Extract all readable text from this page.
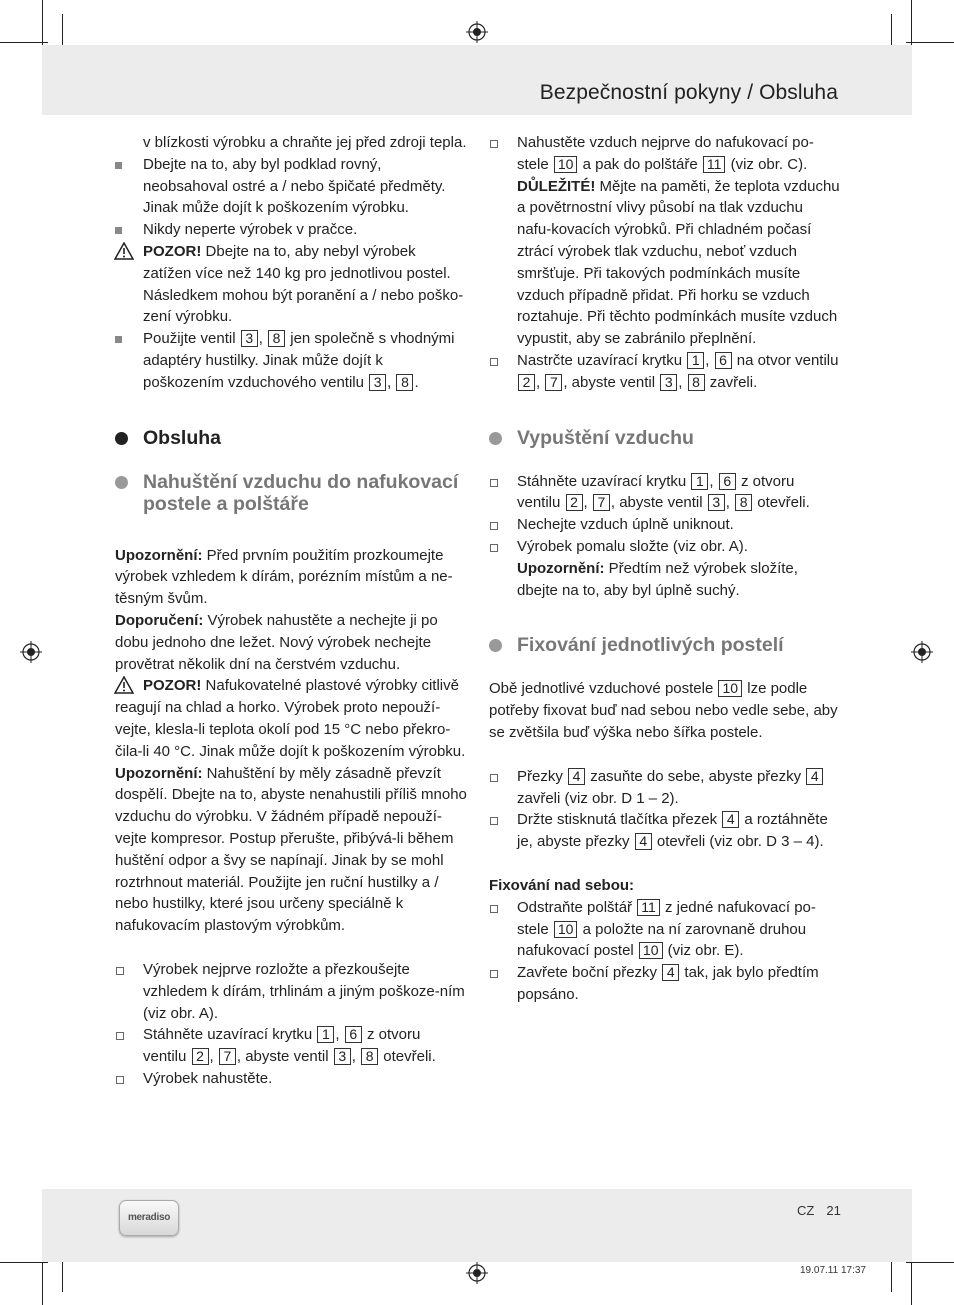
Bezpečnostní pokyny / Obsluha

v blízkosti výrobku a chraňte jej před zdroji tepla.

Dbejte na to, aby byl podklad rovný, neobsahoval ostré a / nebo špičaté předměty. Jinak může dojít k poškozením výrobku.

Nikdy neperte výrobek v pračce.

POZOR! Dbejte na to, aby nebyl výrobek zatížen více než 140 kg pro jednotlivou postel. Následkem mohou být poranění a / nebo poško-zení výrobku.

Použijte ventil 3 , 8 jen společně s vhodnými adaptéry hustilky. Jinak může dojít k poškozením vzduchového ventilu 3 , 8 .

Obsluha
Nahuštění vzduchu do nafukovací postele a polštáře

Upozornění: Před prvním použitím prozkoumejte výrobek vzhledem k dírám, porézním místům a ne-těsným švům.

Doporučení: Výrobek nahustěte a nechejte ji po dobu jednoho dne ležet. Nový výrobek nechejte provětrat několik dní na čerstvém vzduchu.

POZOR! Nafukovatelné plastové výrobky citlivě reagují na chlad a horko. Výrobek proto nepouží-vejte, klesla-li teplota okolí pod 15 °C nebo překro-čila-li 40 °C. Jinak může dojít k poškozením výrobku.

Upozornění: Nahuštění by měly zásadně převzít dospělí. Dbejte na to, abyste nenahustili příliš mnoho vzduchu do výrobku. V žádném případě nepouží-vejte kompresor. Postup přerušte, přibývá-li během huštění odpor a švy se napínají. Jinak by se mohl roztrhnout materiál. Použijte jen ruční hustilky a / nebo hustilky, které jsou určeny speciálně k nafukovacím plastovým výrobkům.

Výrobek nejprve rozložte a přezkoušejte vzhledem k dírám, trhlinám a jiným poškoze-ním (viz obr. A).

Stáhněte uzavírací krytku 1 , 6 z otvoru ventilu 2 , 7 , abyste ventil 3 , 8 otevřeli.

Výrobek nahustěte.

Nahustěte vzduch nejprve do nafukovací po-stele 10 a pak do polštáře 11 (viz obr. C).
DŮLEŽITÉ! Mějte na paměti, že teplota vzduchu a povětrnostní vlivy působí na tlak vzduchu nafu-kovacích výrobků. Při chladném počasí ztrácí výrobek tlak vzduchu, neboť vzduch smršťuje. Při takových podmínkách musíte vzduch případně přidat. Při horku se vzduch roztahuje. Při těchto podmínkách musíte vzduch vypustit, aby se zabránilo přeplnění.

Nastrčte uzavírací krytku 1 , 6 na otvor ventilu 2 , 7 , abyste ventil 3 , 8 zavřeli.

Vypuštění vzduchu

Stáhněte uzavírací krytku 1 , 6 z otvoru ventilu 2 , 7 , abyste ventil 3 , 8 otevřeli.

Nechejte vzduch úplně uniknout.

Výrobek pomalu složte (viz obr. A).
Upozornění: Předtím než výrobek složíte, dbejte na to, aby byl úplně suchý.

Fixování jednotlivých postelí

Obě jednotlivé vzduchové postele 10 lze podle potřeby fixovat buď nad sebou nebo vedle sebe, aby se zvětšila buď výška nebo šířka postele.

Přezky 4 zasuňte do sebe, abyste přezky 4 zavřeli (viz obr. D 1 – 2).

Držte stisknutá tlačítka přezek 4 a roztáhněte je, abyste přezky 4 otevřeli (viz obr. D 3 – 4).

Fixování nad sebou:

Odstraňte polštář 11 z jedné nafukovací po-stele 10 a položte na ní zarovnaně druhou nafukovací postel 10 (viz obr. E).

Zavřete boční přezky 4 tak, jak bylo předtím popsáno.

meradiso	CZ 21
19.07.11 17:37
